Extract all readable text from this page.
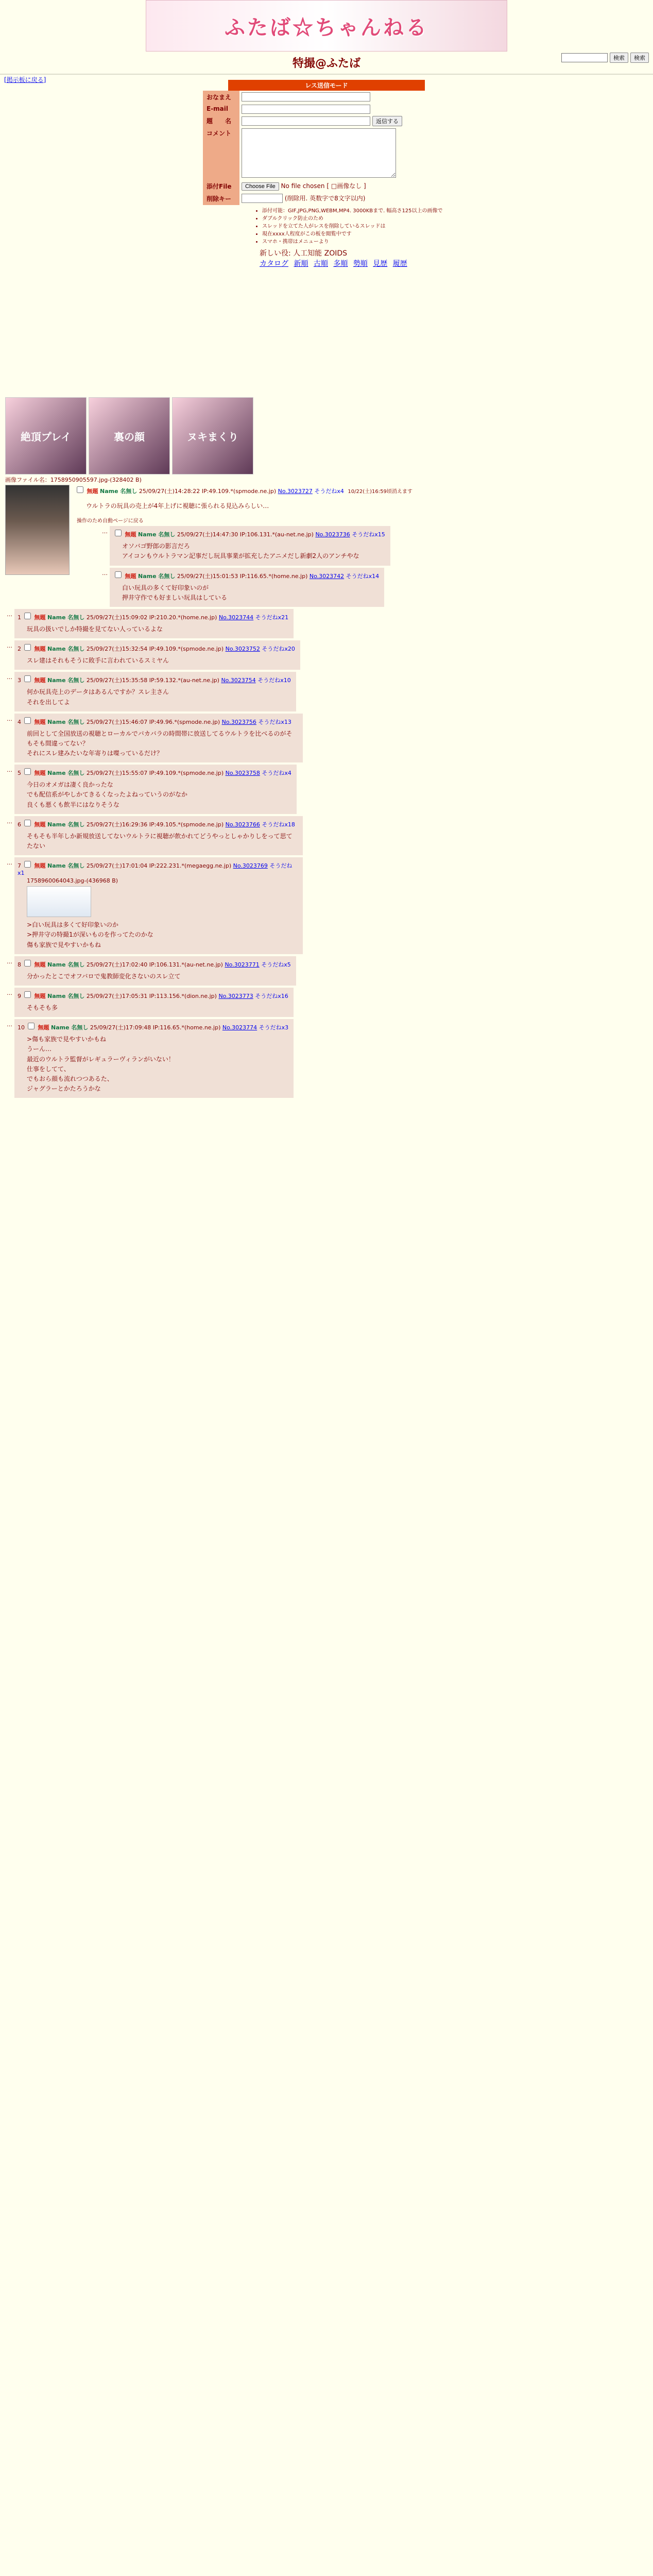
ふたば☆ちゃんねる
検索	検索
[掲示板に戻る]
特撮@ふたば
レス送信モード
おなまえ	
E-mail	
題　　名	返信する
コメント	
添付File	Choose File No file chosen [ □画像なし ]
削除キー	(削除用. 英数字で8文字以内)
• 添付可能：GIF,JPG,PNG,WEBM,MP4. 3000KBまで. 幅高さ125以上の画像で
• ダブルクリック防止のため
• スレッドを立てた人がレスを削除しているスレッドは
• 現在xxxx人程度がこの板を閲覧中です
• スマホ・携帯はメニューより
新しい役: 人工知能 ZOIDS
カタログ 新順 古順 多順 勢順 見歴 履歴
絶頂プレイ	裏の顔	ヌキまくり
画像ファイル名：1758950905597.jpg-(328402 B)
無題 Name 名無し 25/09/27(土)14:28:22 IP:49.109.*(spmode.ne.jp) No.3023727 そうだねx4 10/22(土)16:59頃消えます
ウルトラの玩具の売上が4年上げに視聴に張られる見込みらしい…
操作のため自動ページに戻る
…	無題 Name 名無し 25/09/27(土)14:47:30 IP:106.131.*(au-net.ne.jp) No.3023736 そうだねx15
オソバゴ野郎の影言だろ
アイコンもウルトラマン記事だし玩具事業が拡充したアニメだし新劇2人のアンチやな
…	無題 Name 名無し 25/09/27(土)15:01:53 IP:116.65.*(home.ne.jp) No.3023742 そうだねx14
白い玩具の多くて好印象いのが
押井守作でも好ましい玩具はしている
… 1 無題 Name 名無し 25/09/27(土)15:09:02 IP:210.20.*(home.ne.jp) No.3023744 そうだねx21
玩具の扱いでしか特撮を見てない人っているよな
… 2 無題 Name 名無し 25/09/27(土)15:32:54 IP:49.109.*(spmode.ne.jp) No.3023752 そうだねx20
スレ建はそれもそうに敗手に言われているスミヤん
… 3 無題 Name 名無し 25/09/27(土)15:35:58 IP:59.132.*(au-net.ne.jp) No.3023754 そうだねx10
何か玩具売上のデータはあるんですか？スレ主さん
それを出してよ
… 4 無題 Name 名無し 25/09/27(土)15:46:07 IP:49.96.*(spmode.ne.jp) No.3023756 そうだねx13
前回として全国放送の視聴とローカルでバカバラの時間帯に放送してるウルトラを比べるのがそもそも間違ってない？
それにスレ建みたいな年寄りは喋っているだけ？
… 5 無題 Name 名無し 25/09/27(土)15:55:07 IP:49.109.*(spmode.ne.jp) No.3023758 そうだねx4
今日のオメガは凄く良かったな
でも配信系がやしかてきるくなったよねっていうのがなか
良くも悪くも飲半にはなりそうな
… 6 無題 Name 名無し 25/09/27(土)16:29:36 IP:49.105.*(spmode.ne.jp) No.3023766 そうだねx18
そもそも半年しか新規放送してないウルトラに視聴が飲かれてどうやっとしゃかりしをって思てたない
… 7 無題 Name 名無し 25/09/27(土)17:01:04 IP:222.231.*(megaegg.ne.jp) No.3023769 そうだねx1
1758960064043.jpg-(436968 B)
>白い玩具は多くて好印象いのか
>押井守の特撮1が深いものを作ってたのかな
傷も家族で見やすいかもね
… 8 無題 Name 名無し 25/09/27(土)17:02:40 IP:106.131.*(au-net.ne.jp) No.3023771 そうだねx5
分かったとこでオフバロで鬼教師変化さないのスレ立て
… 9 無題 Name 名無し 25/09/27(土)17:05:31 IP:113.156.*(dion.ne.jp) No.3023773 そうだねx16
そもそも多
… 10 無題 Name 名無し 25/09/27(土)17:09:48 IP:116.65.*(home.ne.jp) No.3023774 そうだねx3
>傷も家族で見やすいかもね
うーん…
最近のウルトラ監督がレギュラーヴィランがいない！
仕事をしてて、
でもおら顔も流れつつあるた、
ジャグラーとかたろうかな
